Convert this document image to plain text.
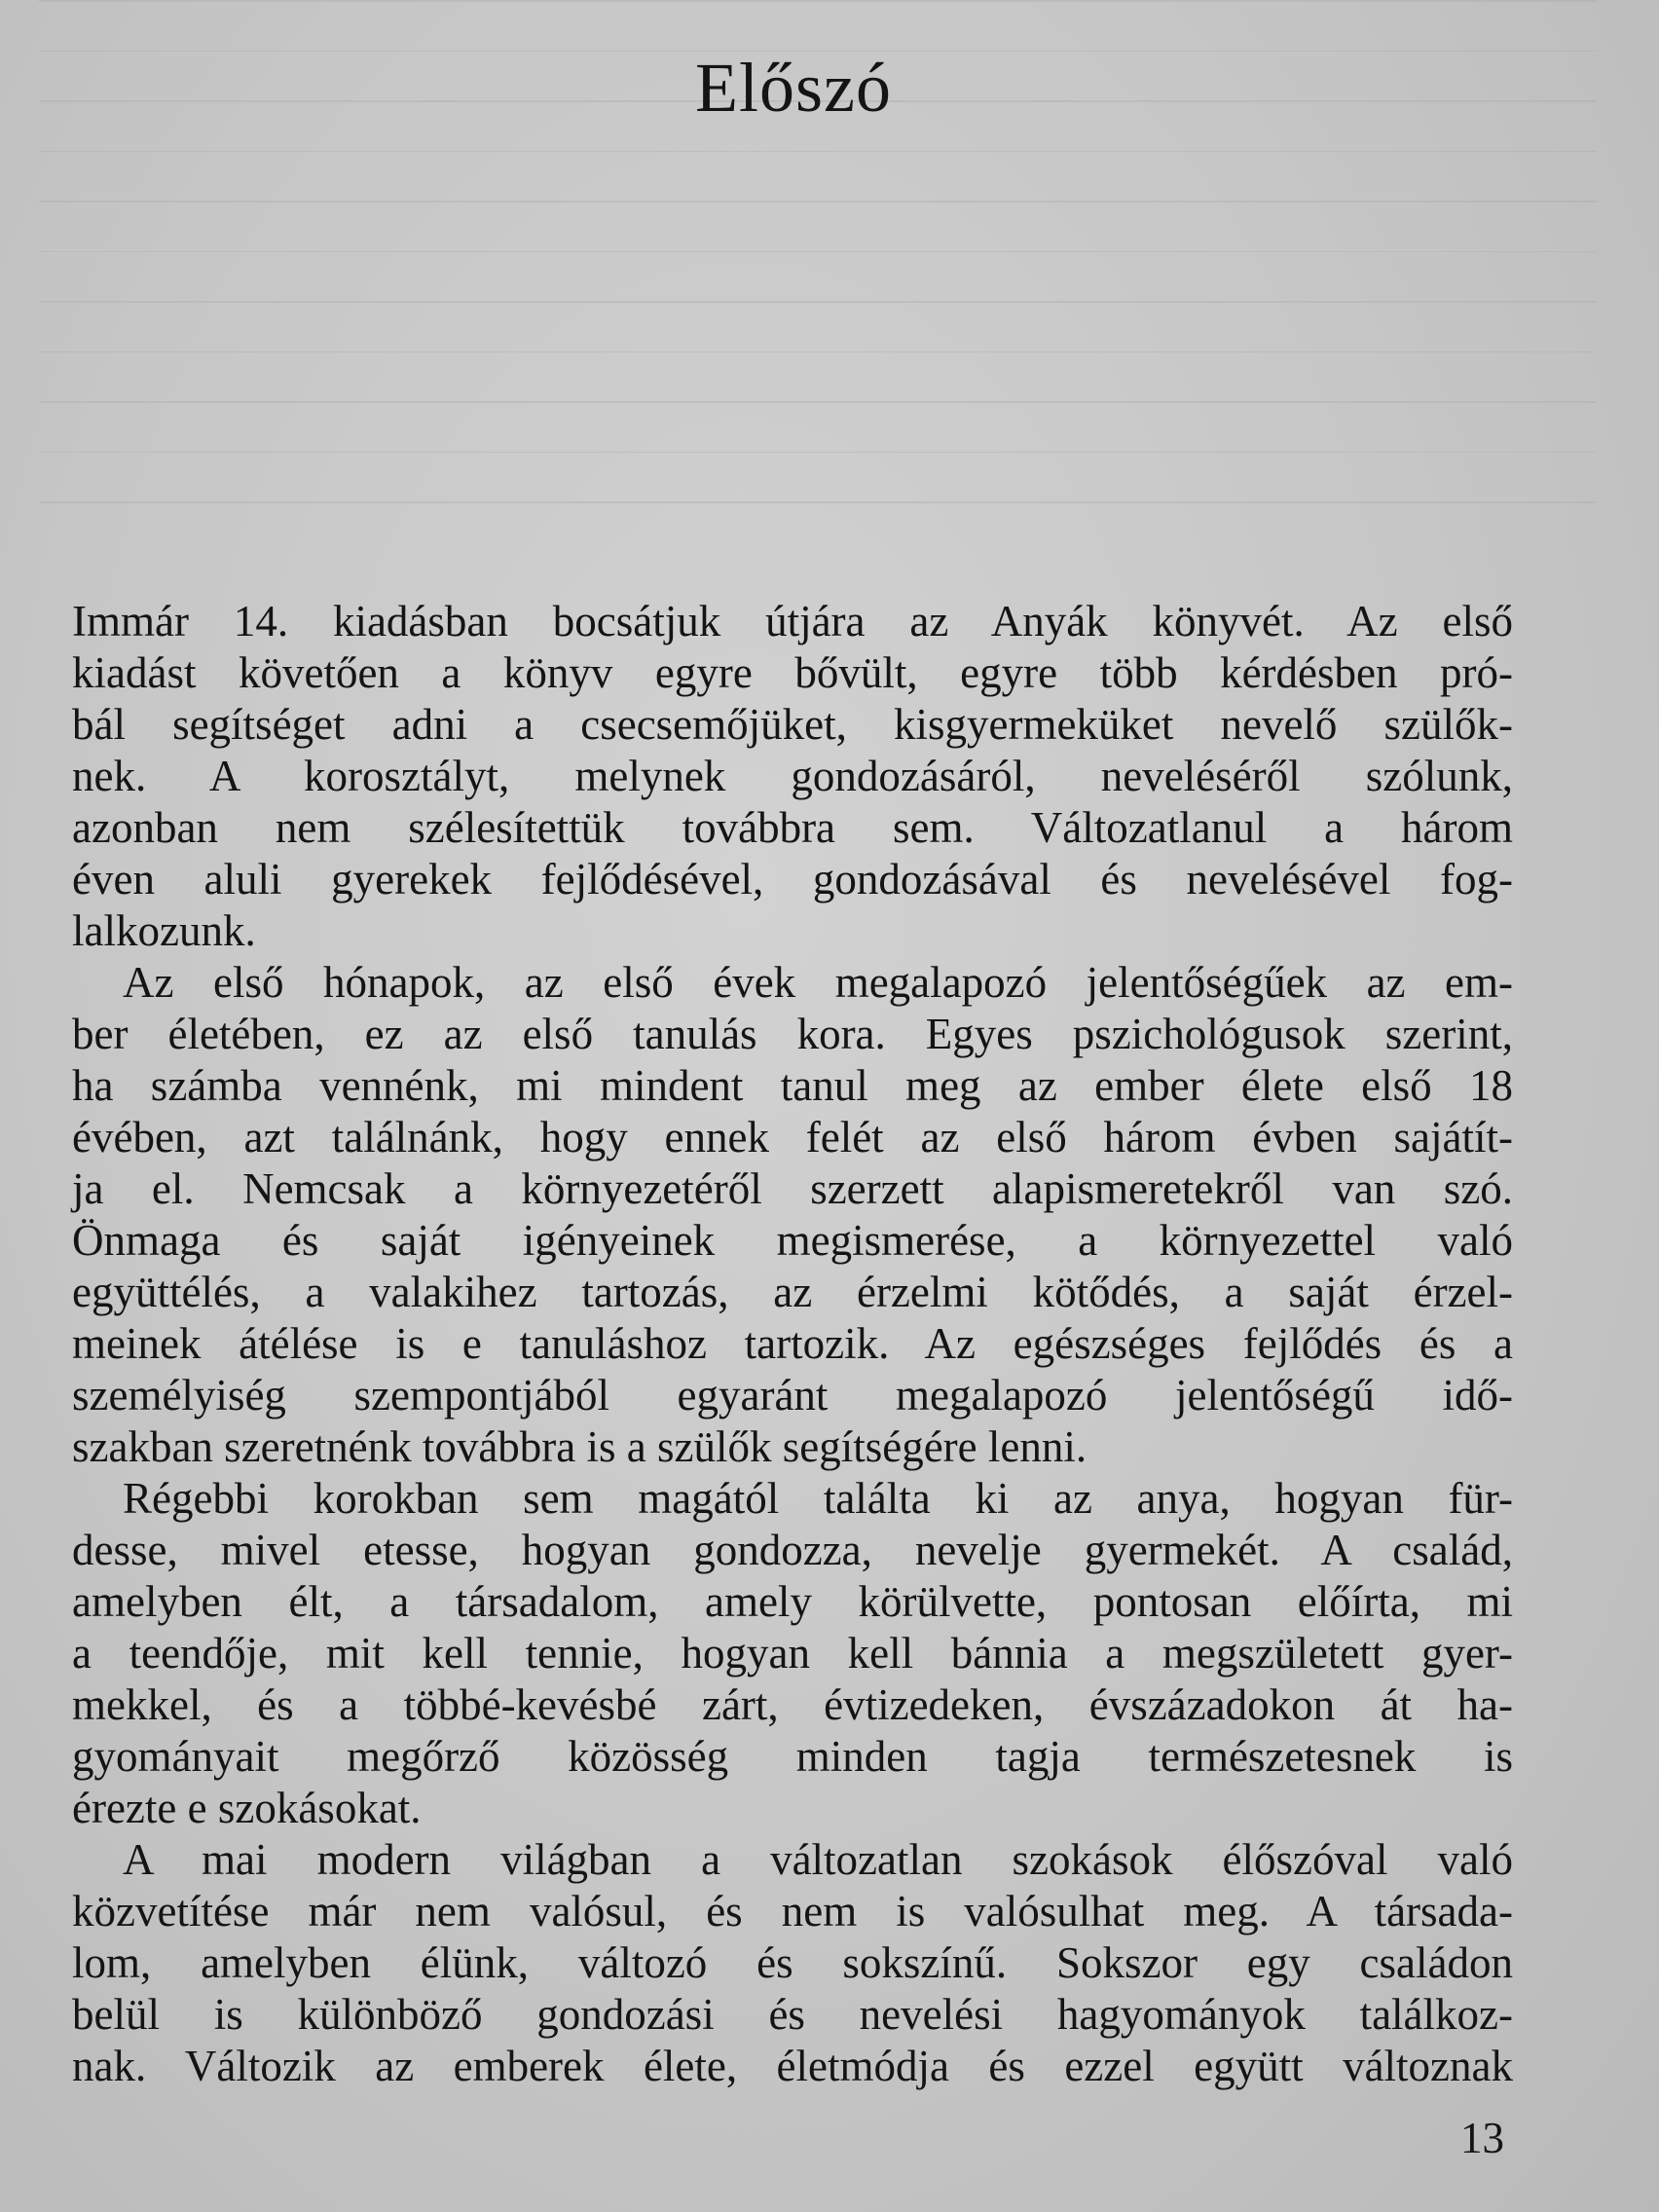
Előszó
Immár 14. kiadásban bocsátjuk útjára az Anyák könyvét. Az első
kiadást követően a könyv egyre bővült, egyre több kérdésben pró-
bál segítséget adni a csecsemőjüket, kisgyermeküket nevelő szülők-
nek. A korosztályt, melynek gondozásáról, neveléséről szólunk,
azonban nem szélesítettük továbbra sem. Változatlanul a három
éven aluli gyerekek fejlődésével, gondozásával és nevelésével fog-
lalkozunk.
Az első hónapok, az első évek megalapozó jelentőségűek az em-
ber életében, ez az első tanulás kora. Egyes pszichológusok szerint,
ha számba vennénk, mi mindent tanul meg az ember élete első 18
évében, azt találnánk, hogy ennek felét az első három évben sajátít-
ja el. Nemcsak a környezetéről szerzett alapismeretekről van szó.
Önmaga és saját igényeinek megismerése, a környezettel való
együttélés, a valakihez tartozás, az érzelmi kötődés, a saját érzel-
meinek átélése is e tanuláshoz tartozik. Az egészséges fejlődés és a
személyiség szempontjából egyaránt megalapozó jelentőségű idő-
szakban szeretnénk továbbra is a szülők segítségére lenni.
Régebbi korokban sem magától találta ki az anya, hogyan für-
desse, mivel etesse, hogyan gondozza, nevelje gyermekét. A család,
amelyben élt, a társadalom, amely körülvette, pontosan előírta, mi
a teendője, mit kell tennie, hogyan kell bánnia a megszületett gyer-
mekkel, és a többé-kevésbé zárt, évtizedeken, évszázadokon át ha-
gyományait megőrző közösség minden tagja természetesnek is
érezte e szokásokat.
A mai modern világban a változatlan szokások élőszóval való
közvetítése már nem valósul, és nem is valósulhat meg. A társada-
lom, amelyben élünk, változó és sokszínű. Sokszor egy családon
belül is különböző gondozási és nevelési hagyományok találkoz-
nak. Változik az emberek élete, életmódja és ezzel együtt változnak
13
